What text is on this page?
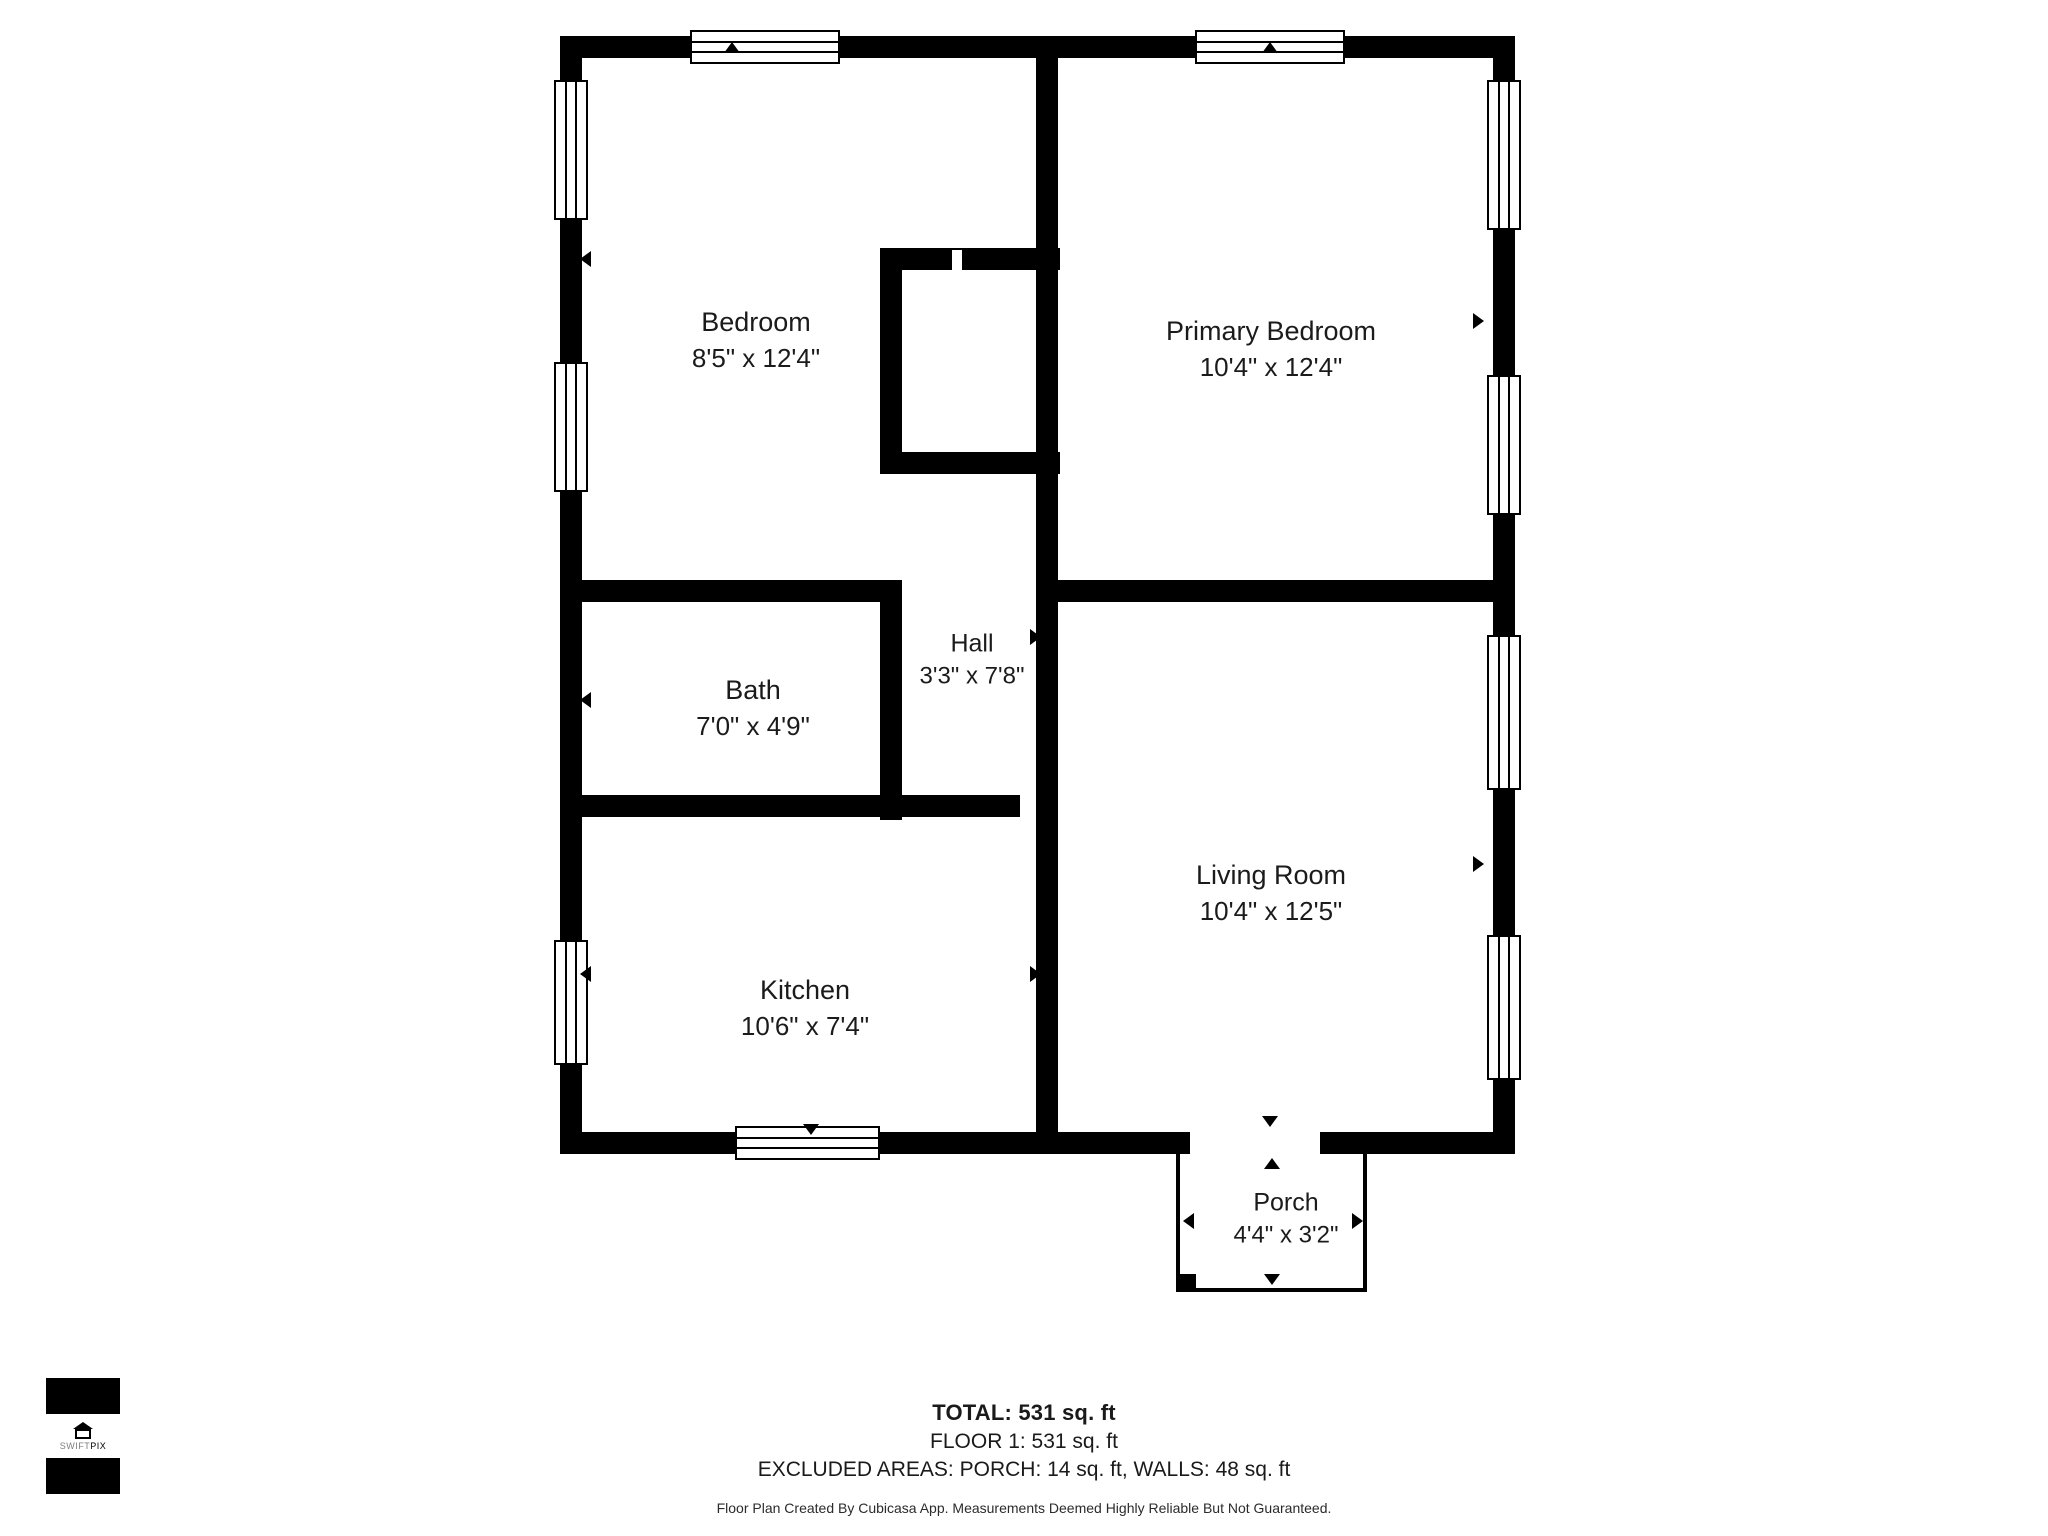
Bedroom
8'5" x 12'4"
Primary Bedroom
10'4" x 12'4"
Hall
3'3" x 7'8"
Bath
7'0" x 4'9"
Living Room
10'4" x 12'5"
Kitchen
10'6" x 7'4"
Porch
4'4" x 3'2"
TOTAL: 531 sq. ft
FLOOR 1: 531 sq. ft
EXCLUDED AREAS: PORCH: 14 sq. ft, WALLS: 48 sq. ft
Floor Plan Created By Cubicasa App. Measurements Deemed Highly Reliable But Not Guaranteed.
SWIFTPIX
